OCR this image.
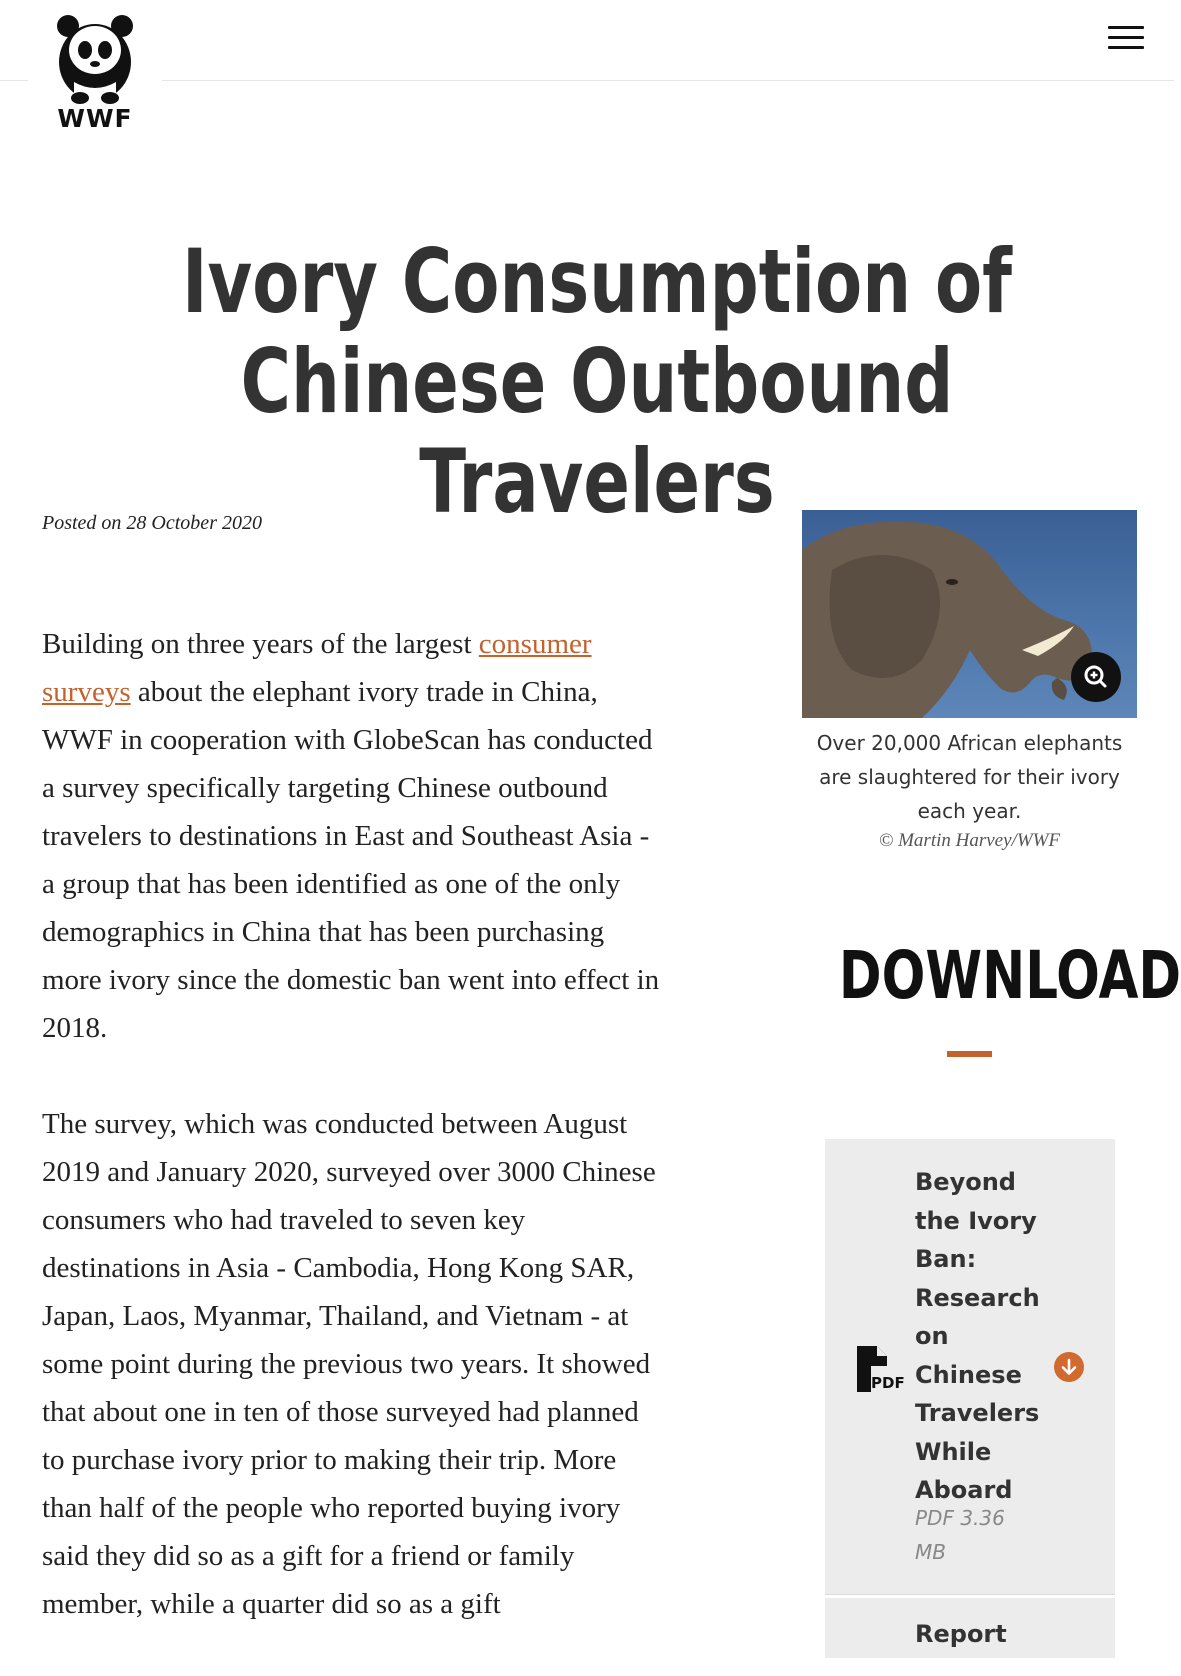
WWF
Ivory Consumption of Chinese Outbound Travelers
Posted on 28 October 2020

Building on three years of the largest consumer surveys about the elephant ivory trade in China, WWF in cooperation with GlobeScan has conducted a survey specifically targeting Chinese outbound travelers to destinations in East and Southeast Asia - a group that has been identified as one of the only demographics in China that has been purchasing more ivory since the domestic ban went into effect in 2018.

The survey, which was conducted between August 2019 and January 2020, surveyed over 3000 Chinese consumers who had traveled to seven key destinations in Asia - Cambodia, Hong Kong SAR, Japan, Laos, Myanmar, Thailand, and Vietnam - at some point during the previous two years. It showed that about one in ten of those surveyed had planned to purchase ivory prior to making their trip. More than half of the people who reported buying ivory said they did so as a gift for a friend or family member, while a quarter did so as a gift

Over 20,000 African elephants are slaughtered for their ivory each year.
© Martin Harvey/WWF
DOWNLOAD
PDF
Beyond the Ivory Ban: Research on Chinese Travelers While Aboard
PDF 3.36 MB
Report
